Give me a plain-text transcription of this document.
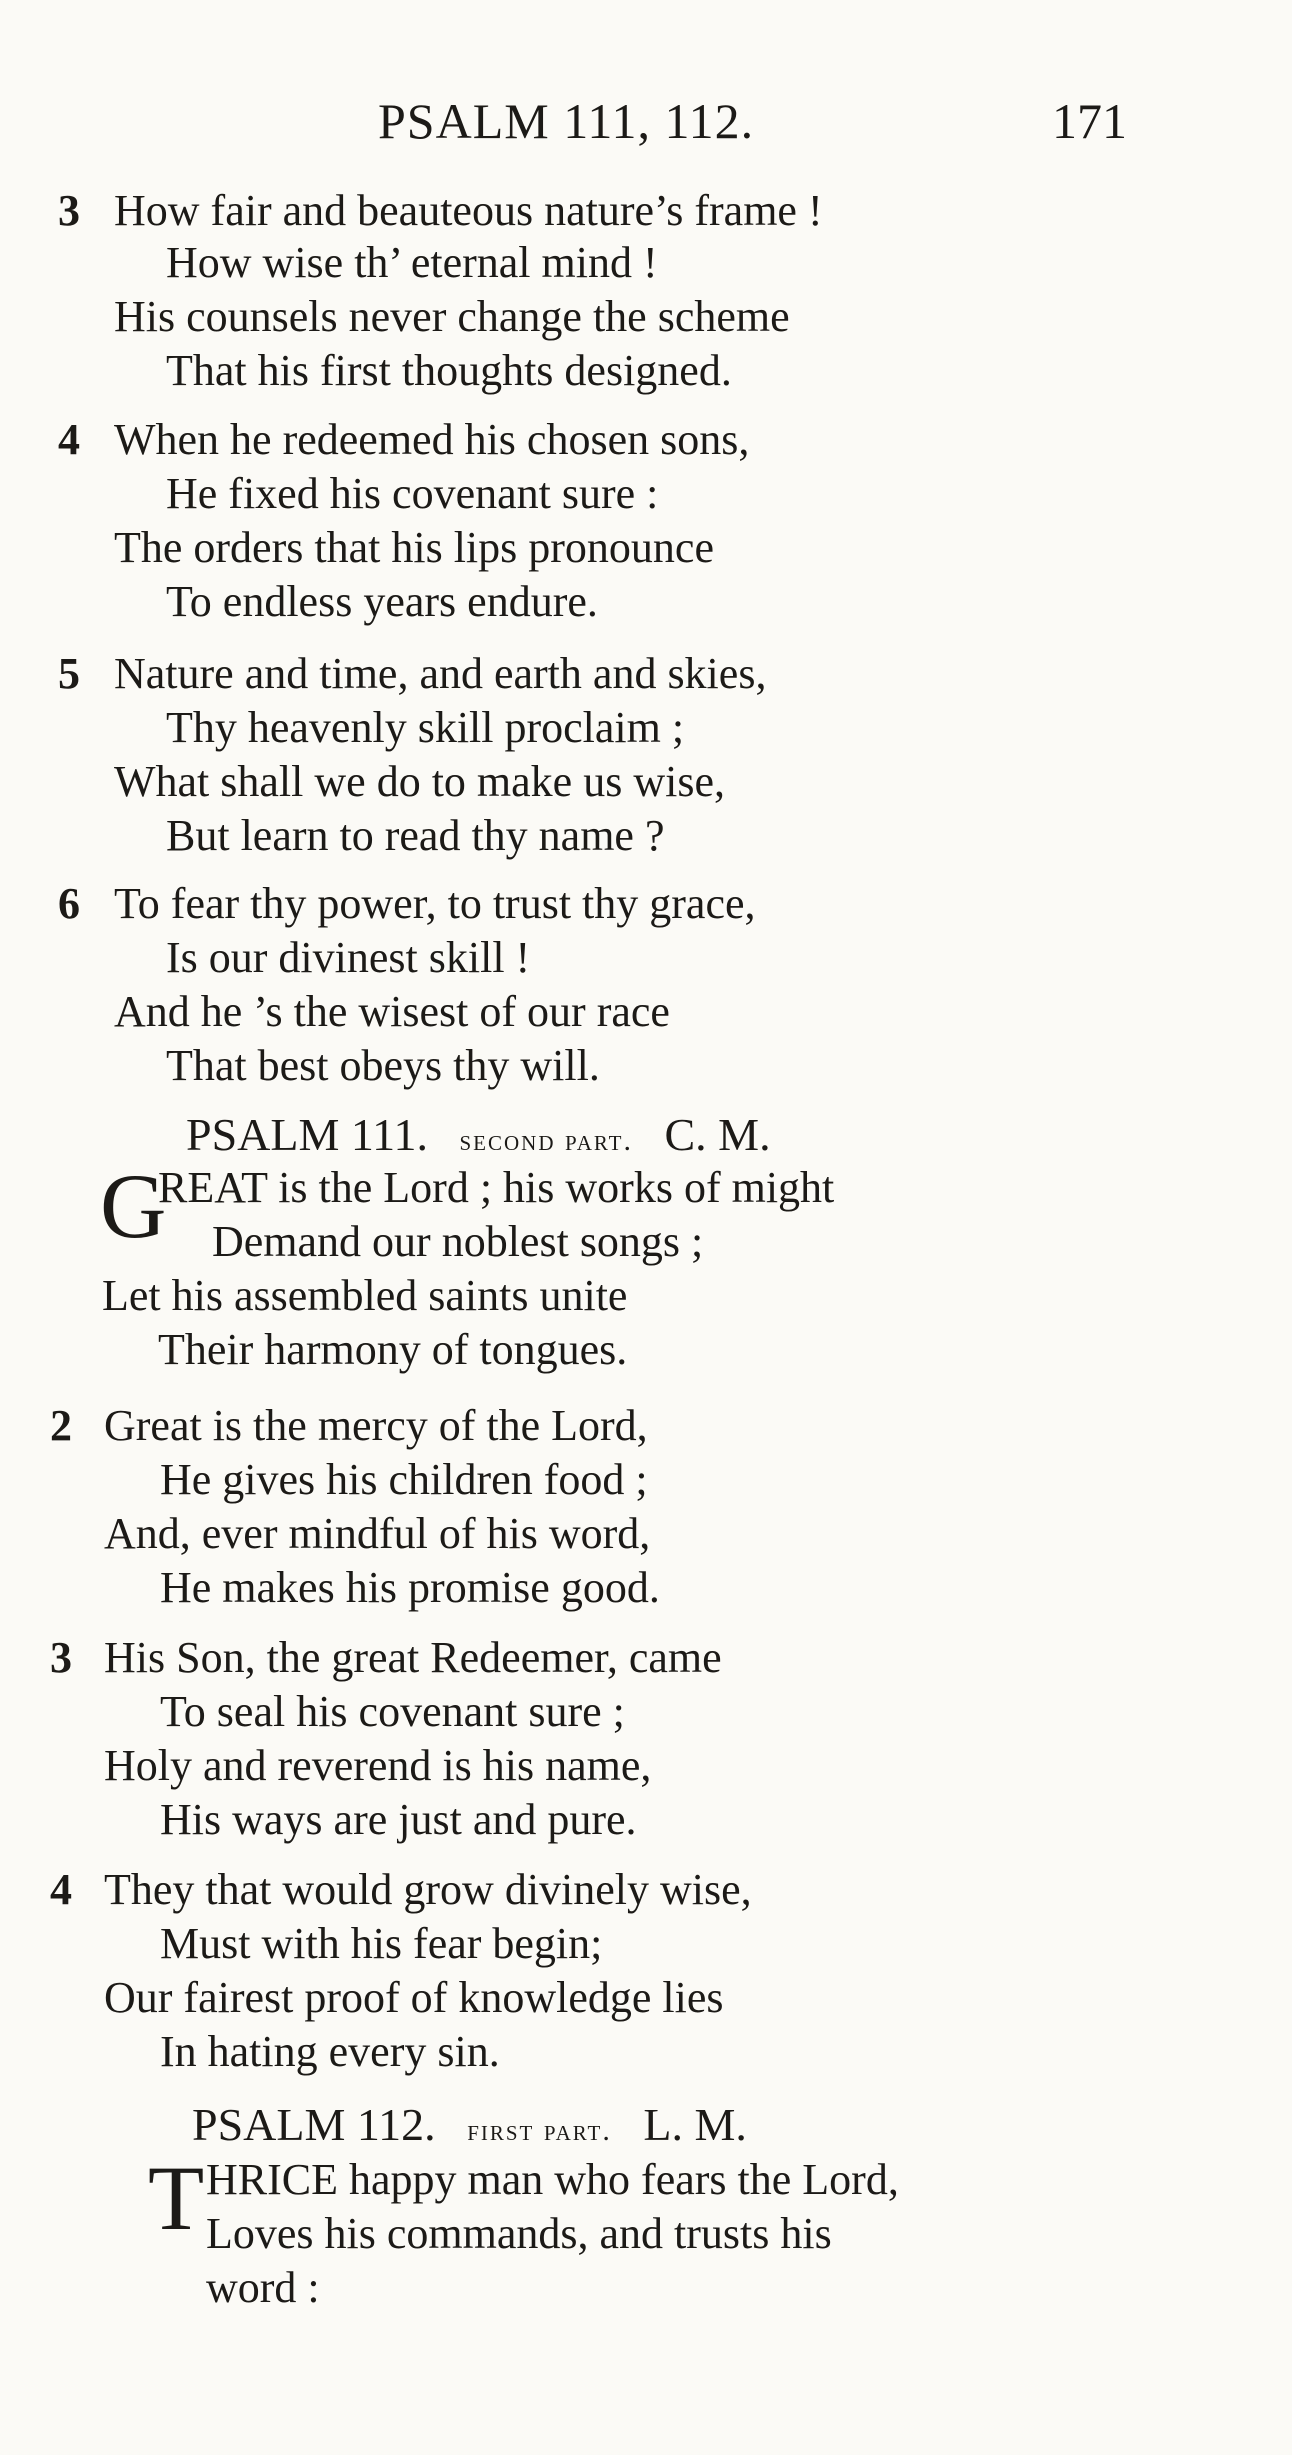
PSALM 111, 112.	171
3 How fair and beauteous nature’s frame !
How wise th’ eternal mind !
His counsels never change the scheme
That his first thoughts designed.
4 When he redeemed his chosen sons,
He fixed his covenant sure :
The orders that his lips pronounce
To endless years endure.
5 Nature and time, and earth and skies,
Thy heavenly skill proclaim ;
What shall we do to make us wise,
But learn to read thy name ?
6 To fear thy power, to trust thy grace,
Is our divinest skill !
And he ’s the wisest of our race
That best obeys thy will.
PSALM 111. second part. C. M.
G
REAT is the Lord ; his works of might
Demand our noblest songs ;
Let his assembled saints unite
Their harmony of tongues.
2 Great is the mercy of the Lord,
He gives his children food ;
And, ever mindful of his word,
He makes his promise good.
3 His Son, the great Redeemer, came
To seal his covenant sure ;
Holy and reverend is his name,
His ways are just and pure.
4 They that would grow divinely wise,
Must with his fear begin;
Our fairest proof of knowledge lies
In hating every sin.
PSALM 112. first part. L. M.
T HRICE happy man who fears the Lord,
Loves his commands, and trusts his
word :
